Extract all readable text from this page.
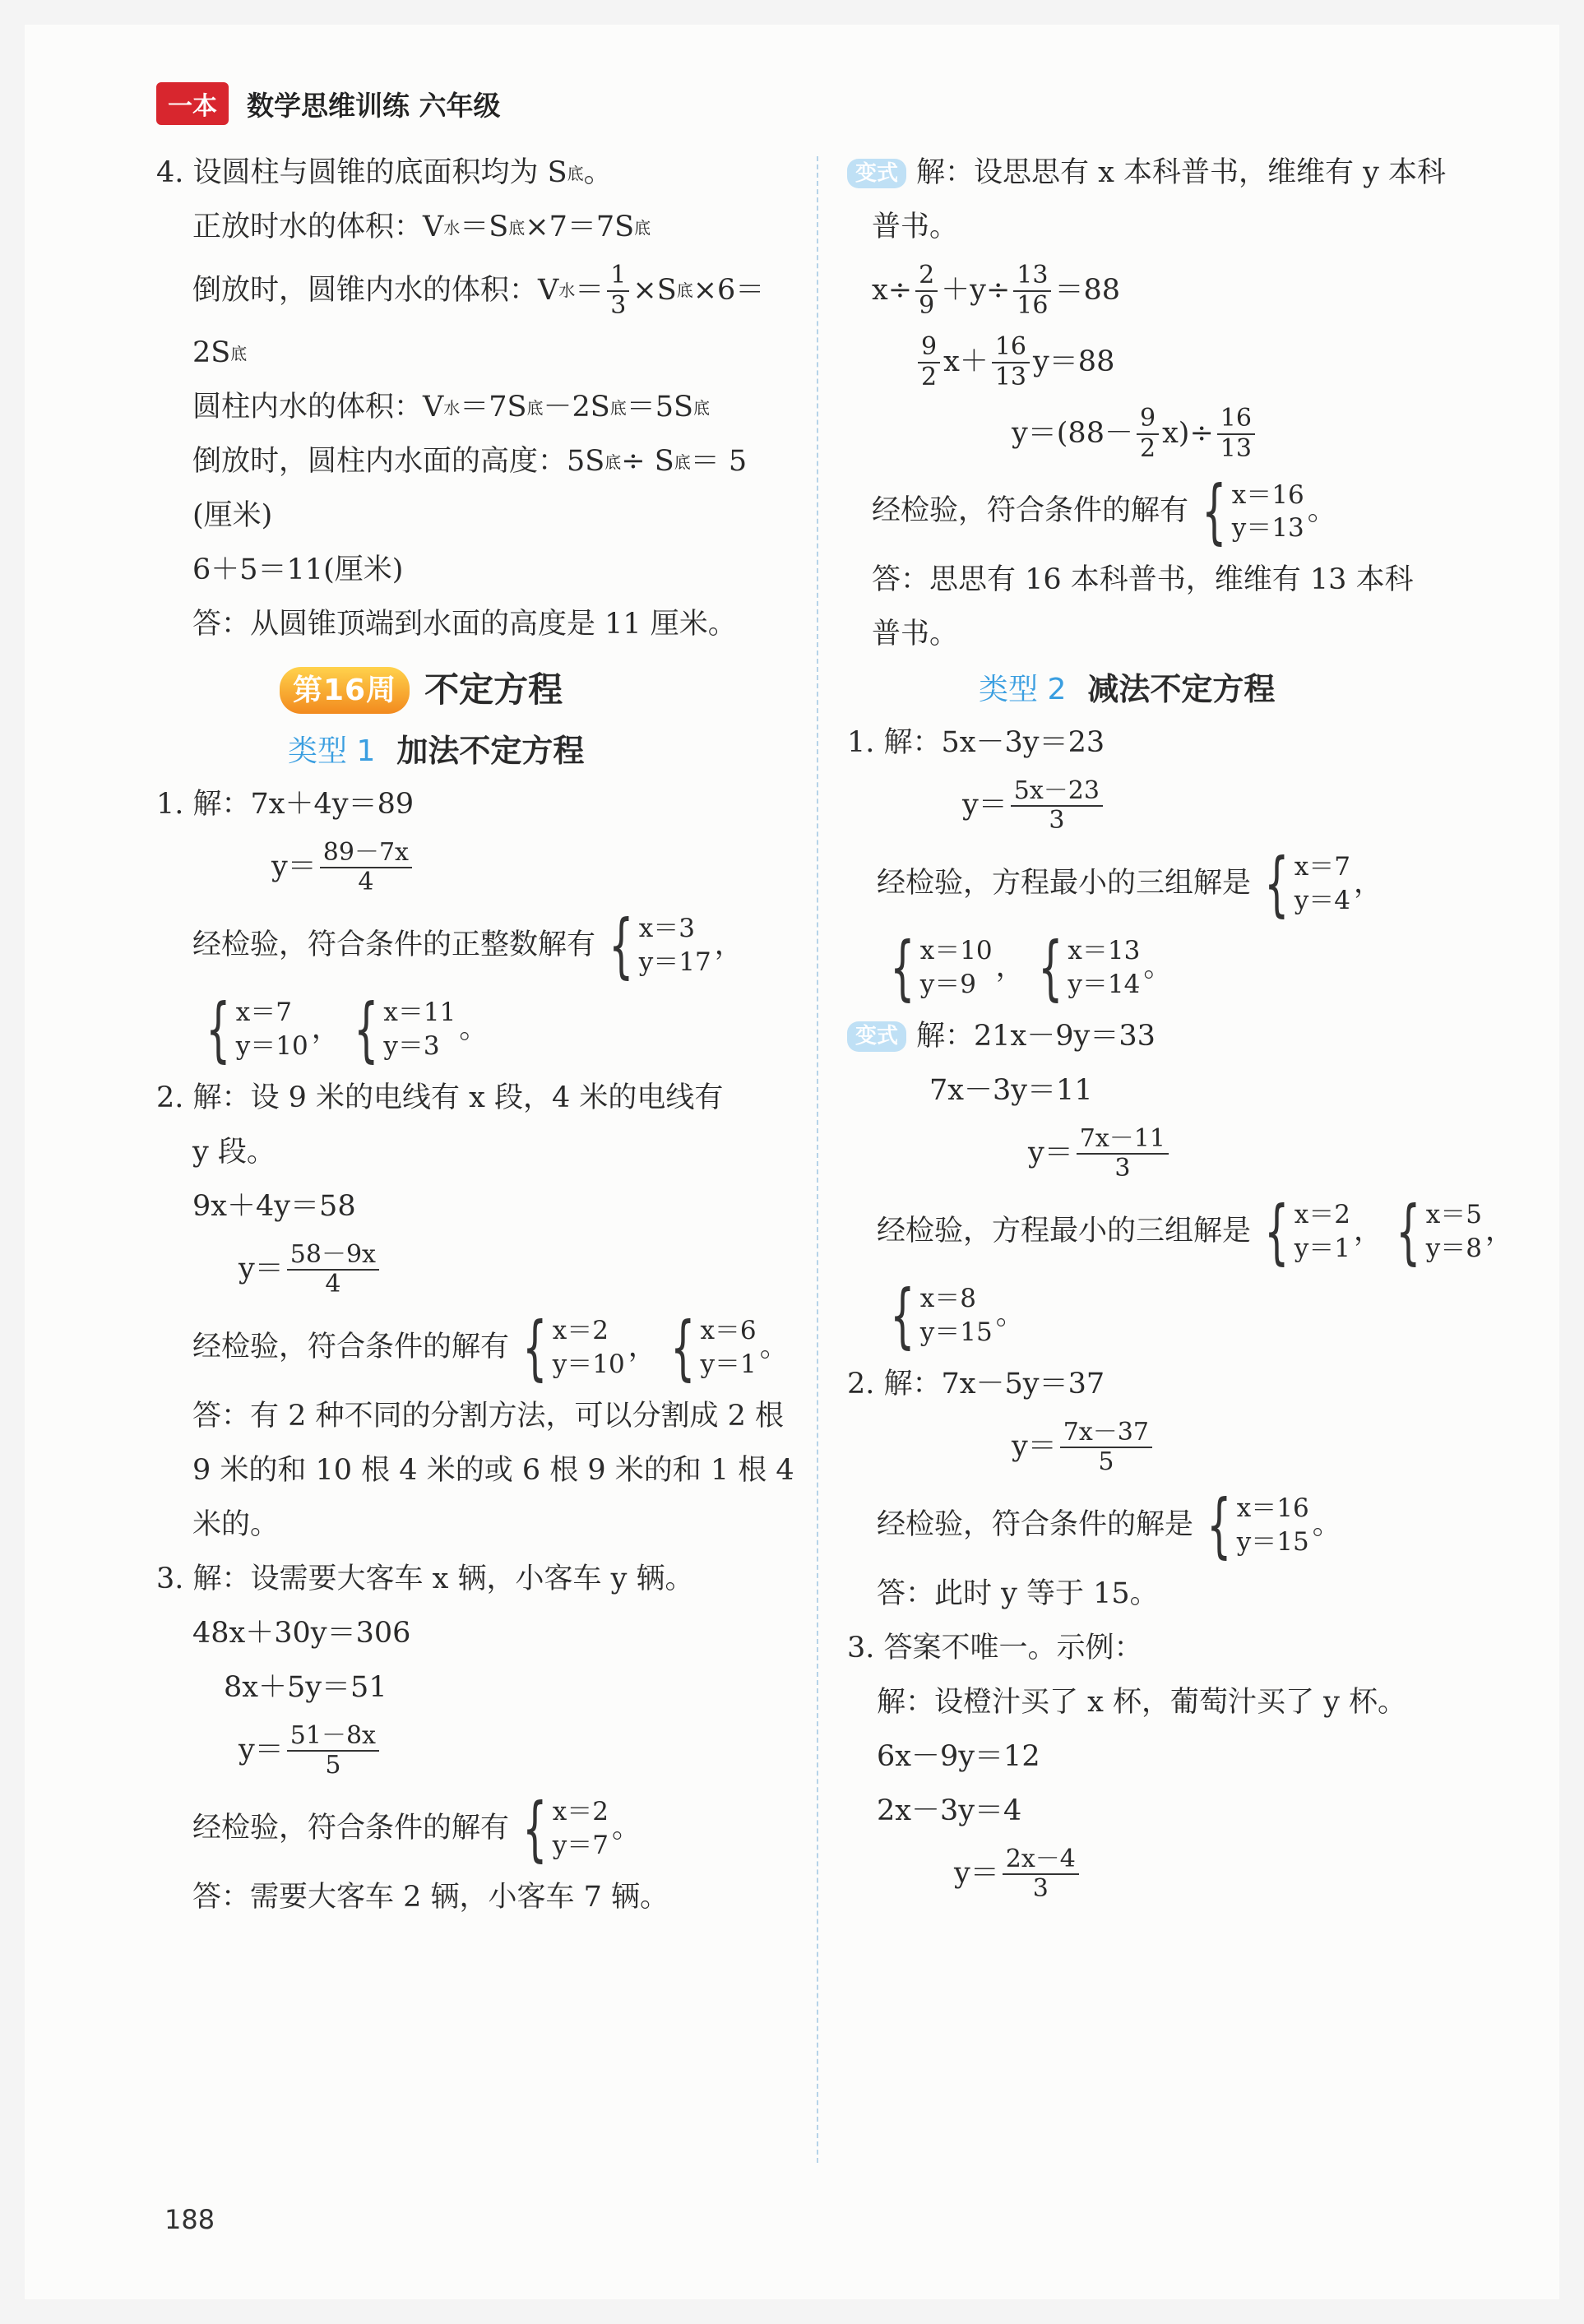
一本	数学思维训练 六年级
4. 设圆柱与圆锥的底面积均为 S 底 。
正放时水的体积：V 水 ＝S 底 ×7＝7S 底
倒放时，圆锥内水的体积：V 水 ＝ $\frac{1}{3} \times S$ 底 ×6＝
2S 底
圆柱内水的体积：V 水 ＝7S 底 －2S 底 ＝5S 底
倒放时，圆柱内水面的高度：5S 底 ÷ S 底 ＝ 5
(厘米)
6＋5＝11(厘米)
答：从圆锥顶端到水面的高度是 11 厘米。
第16周 不定方程
类型 1 加法不定方程
1. 解：7x＋4y＝89
$y= \frac{89-7x}{4}$
经检验，符合条件的正整数解有 { x＝3
y＝17
，
{ x＝7
y＝10
， { x＝11
y＝3
。
2. 解：设 9 米的电线有 x 段，4 米的电线有
y 段。
9x＋4y＝58
$y= \frac{58-9x}{4}$
经检验，符合条件的解有 { x＝2
y＝10
， { x＝6
y＝1
。
答：有 2 种不同的分割方法，可以分割成 2 根
9 米的和 10 根 4 米的或 6 根 9 米的和 1 根 4
米的。
3. 解：设需要大客车 x 辆，小客车 y 辆。
48x＋30y＝306
8x＋5y＝51
$y= \frac{51-8x}{5}$
经检验，符合条件的解有 { x＝2
y＝7
。
答：需要大客车 2 辆，小客车 7 辆。
变式 解：设思思有 x 本科普书，维维有 y 本科
普书。
$x\div \frac{2}{9} +y\div \frac{13}{16} =88$
$\frac{9}{2} x+ \frac{16}{13} y=88$
$y=(88- \frac{9}{2} x)\div \frac{16}{13}$
经检验，符合条件的解有 { x＝16
y＝13
。
答：思思有 16 本科普书，维维有 13 本科
普书。
类型 2 减法不定方程
1. 解：5x－3y＝23
$y= \frac{5x-23}{3}$
经检验，方程最小的三组解是 { x＝7
y＝4
，
{ x＝10
y＝9
， { x＝13
y＝14
。
变式 解：21x－9y＝33
7x－3y＝11
$y= \frac{7x-11}{3}$
经检验，方程最小的三组解是 { x＝2
y＝1
， { x＝5
y＝8
，
{ x＝8
y＝15
。
2. 解：7x－5y＝37
$y= \frac{7x-37}{5}$
经检验，符合条件的解是 { x＝16
y＝15
。
答：此时 y 等于 15。
3. 答案不唯一。示例：
解：设橙汁买了 x 杯，葡萄汁买了 y 杯。
6x－9y＝12
2x－3y＝4
$y= \frac{2x-4}{3}$
188
